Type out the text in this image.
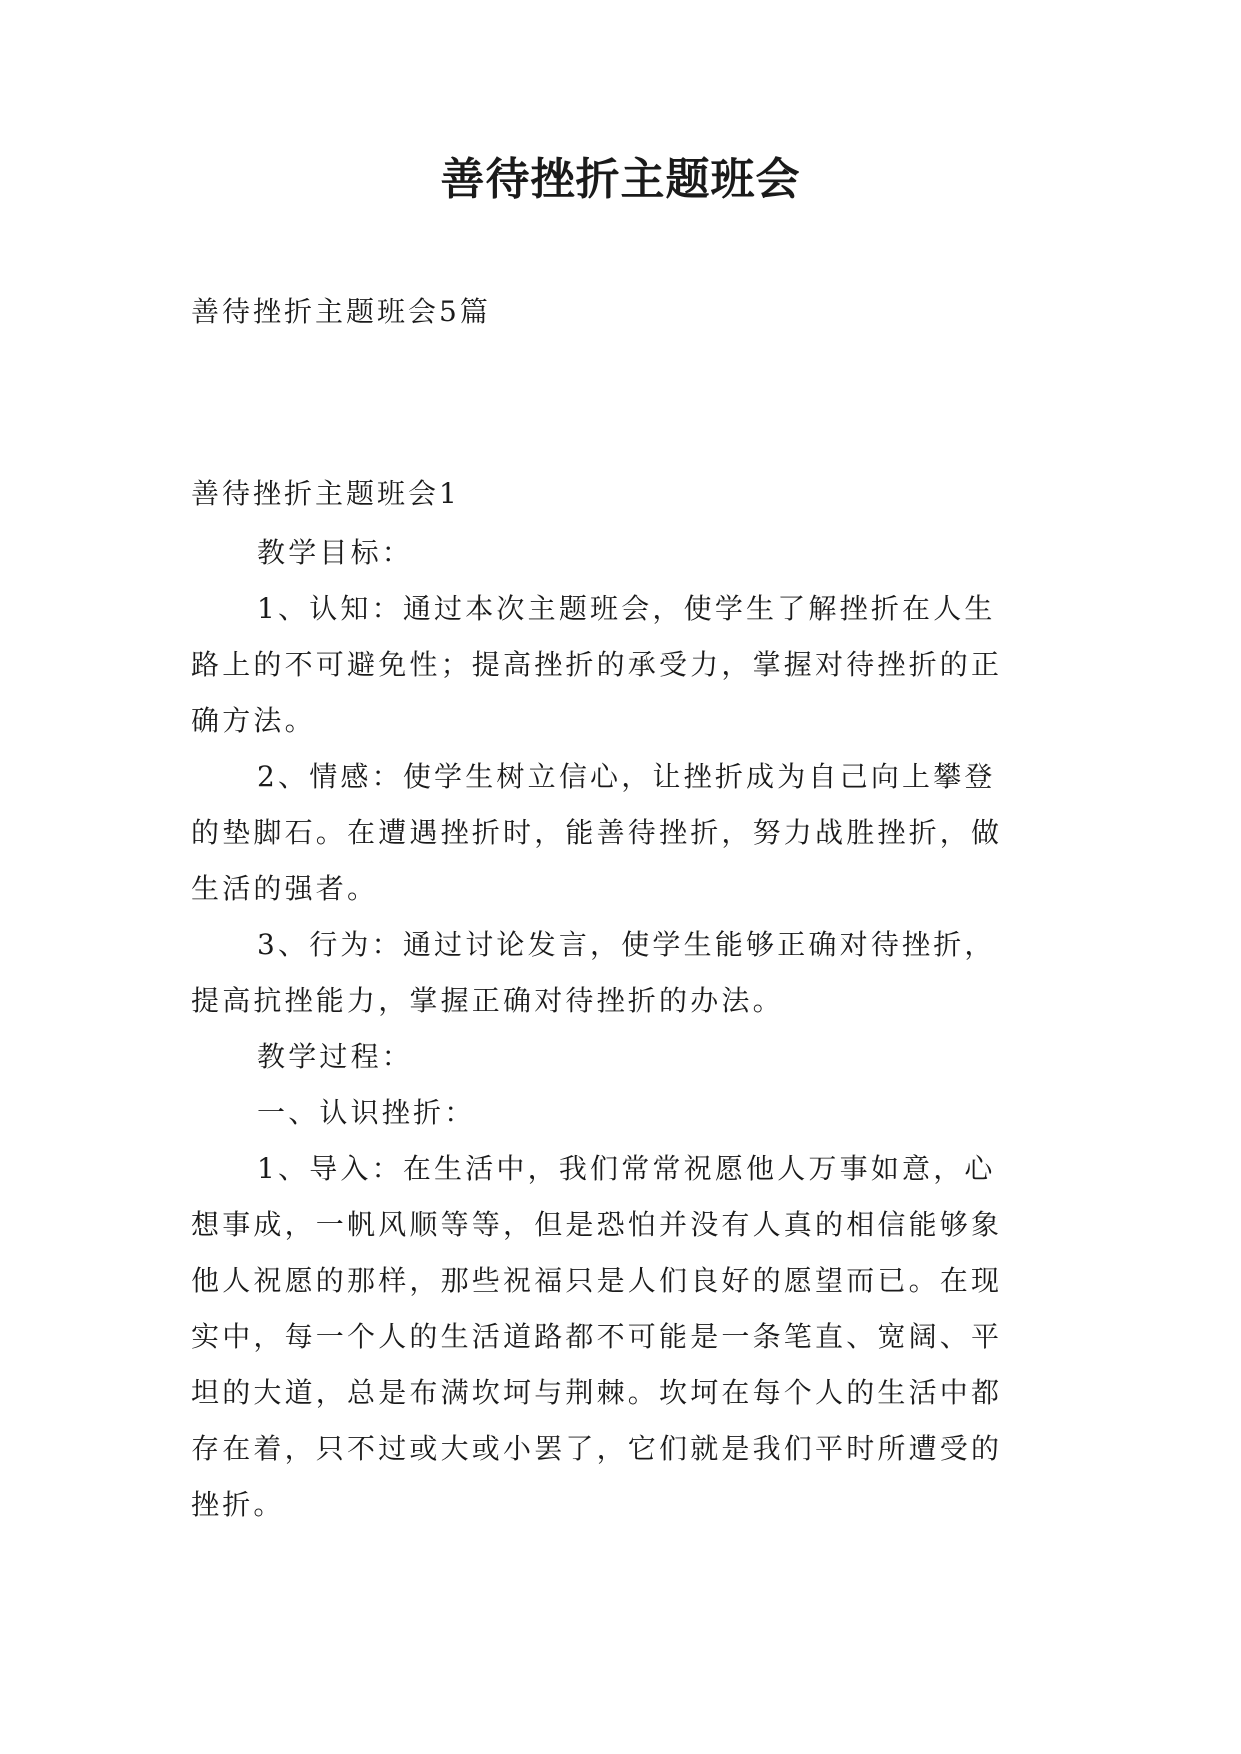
善待挫折主题班会
善待挫折主题班会5篇
善待挫折主题班会1
教学目标：
1、认知：通过本次主题班会，使学生了解挫折在人生
路上的不可避免性；提高挫折的承受力，掌握对待挫折的正
确方法。
2、情感：使学生树立信心，让挫折成为自己向上攀登
的垫脚石。在遭遇挫折时，能善待挫折，努力战胜挫折，做
生活的强者。
3、行为：通过讨论发言，使学生能够正确对待挫折，
提高抗挫能力，掌握正确对待挫折的办法。
教学过程：
一、认识挫折：
1、导入：在生活中，我们常常祝愿他人万事如意，心
想事成，一帆风顺等等，但是恐怕并没有人真的相信能够象
他人祝愿的那样，那些祝福只是人们良好的愿望而已。在现
实中，每一个人的生活道路都不可能是一条笔直、宽阔、平
坦的大道，总是布满坎坷与荆棘。坎坷在每个人的生活中都
存在着，只不过或大或小罢了，它们就是我们平时所遭受的
挫折。
